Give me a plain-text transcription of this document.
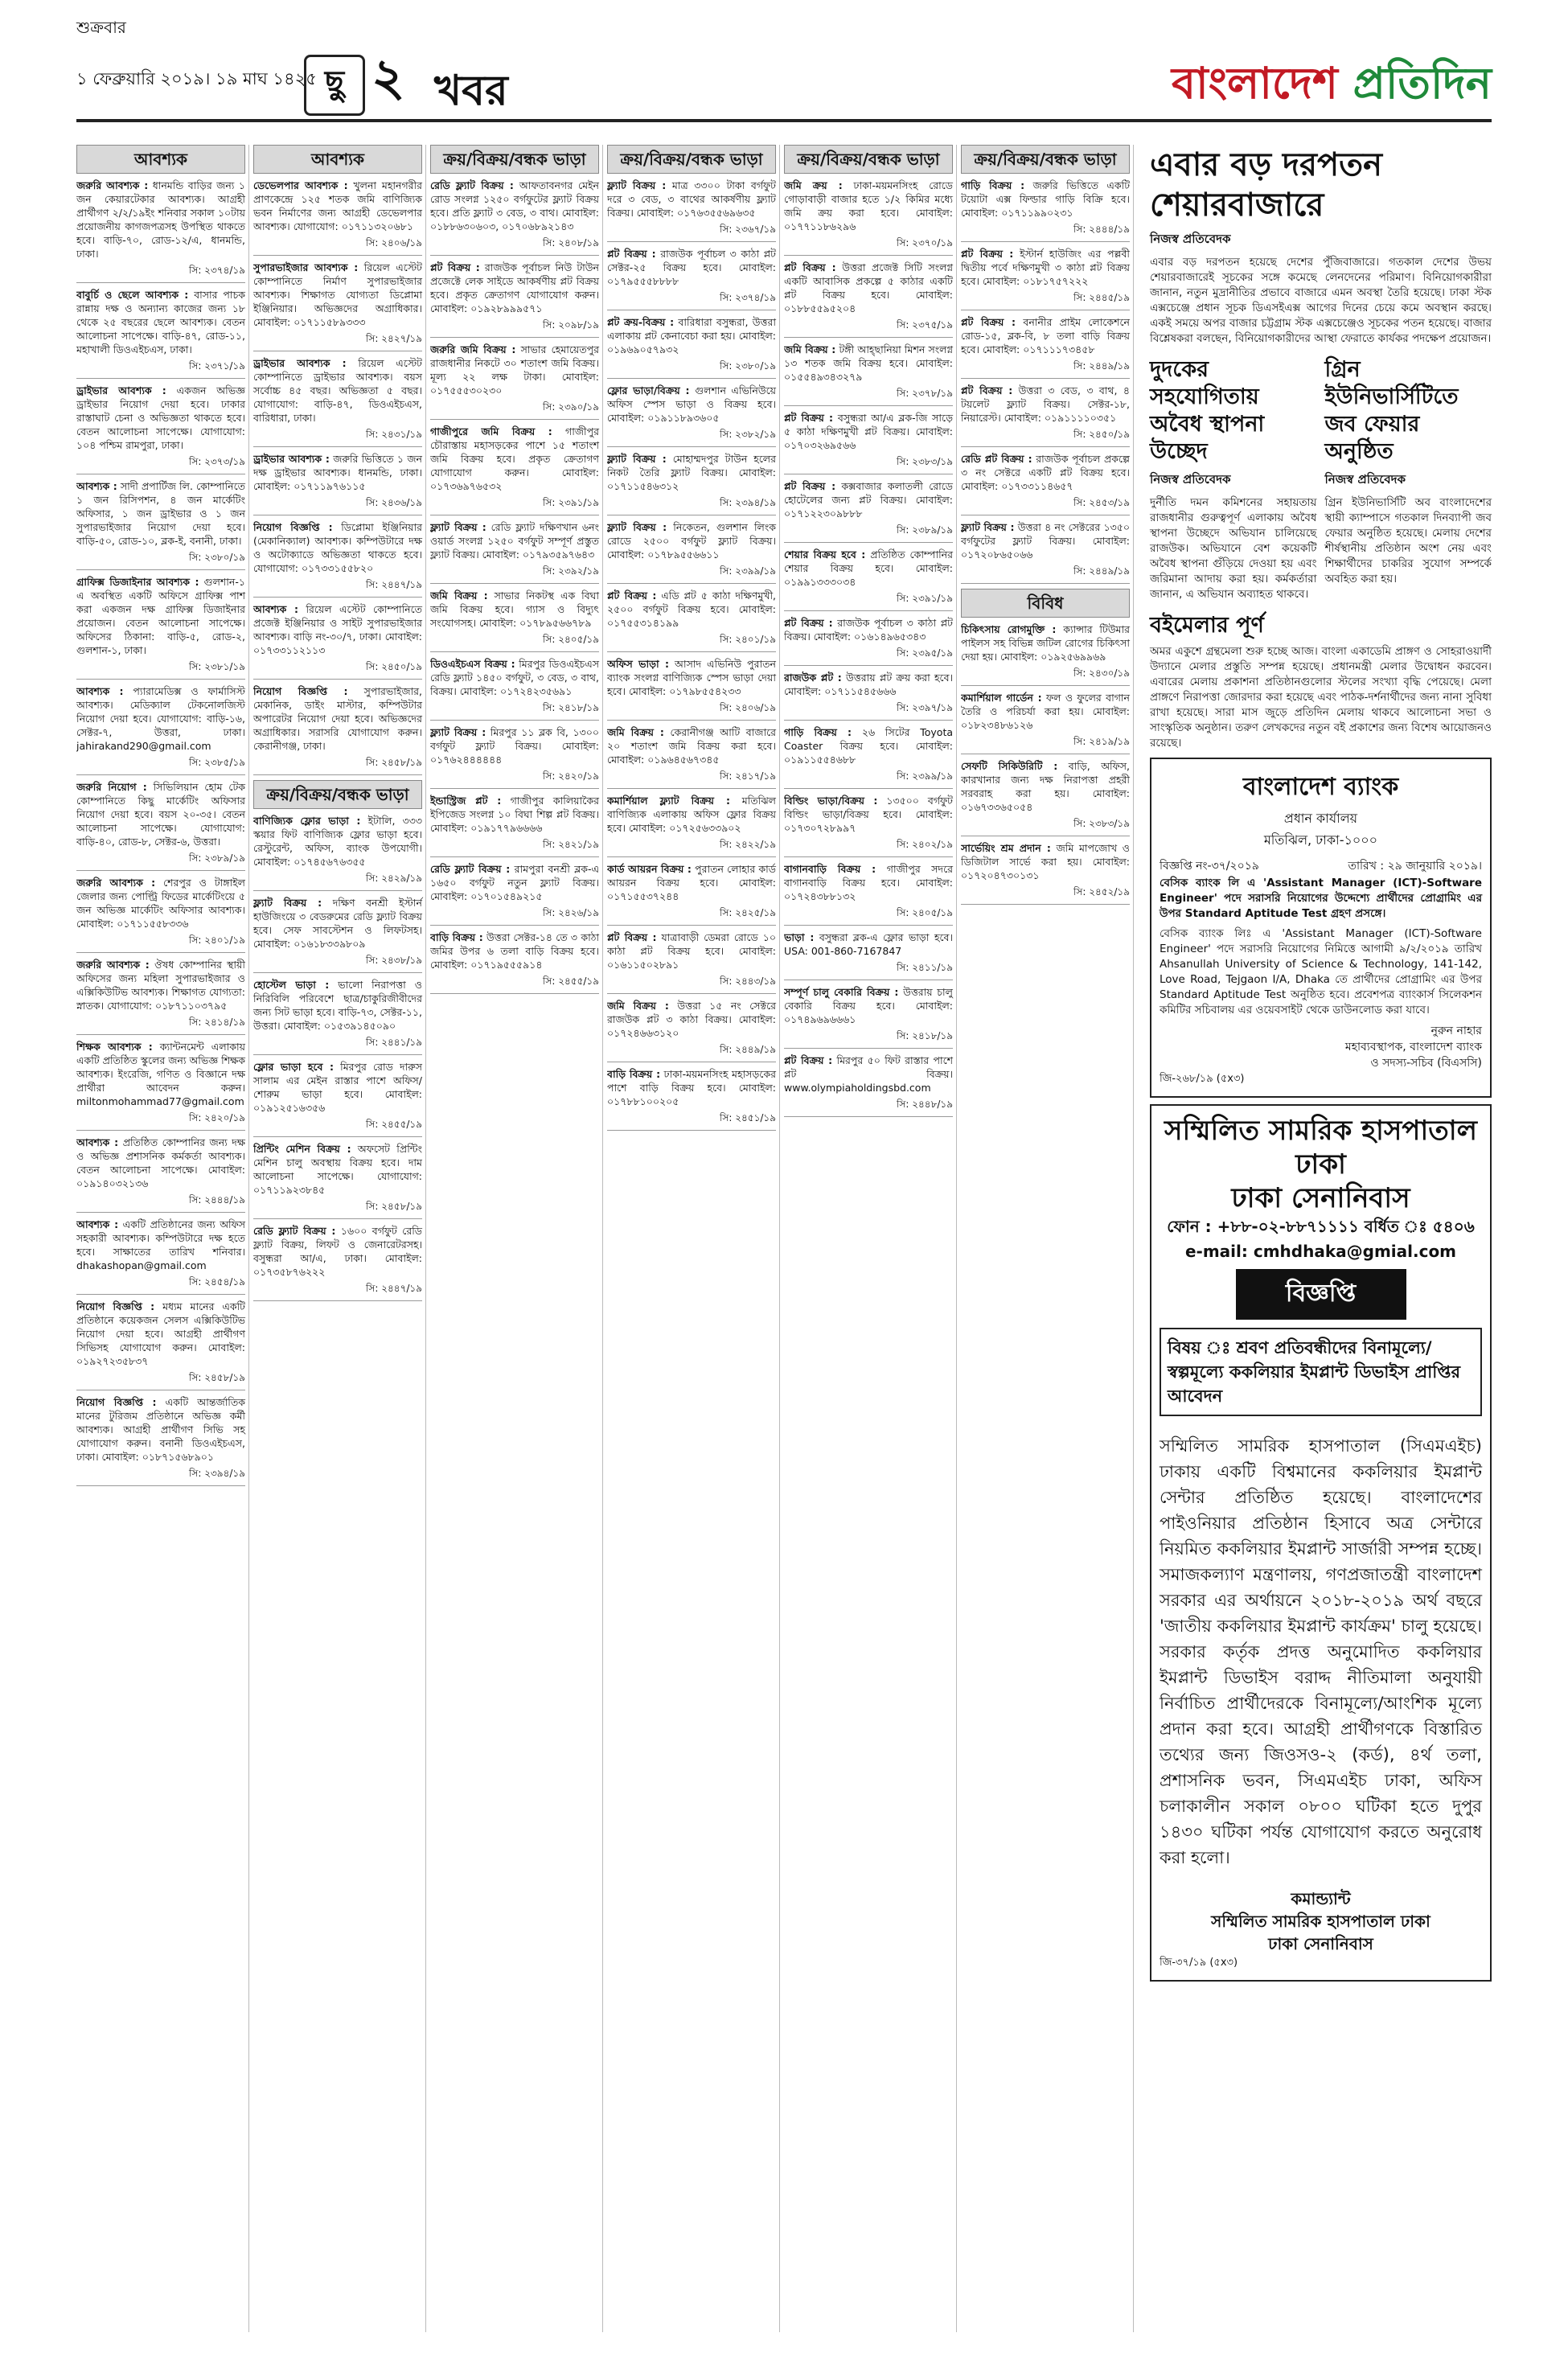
শুক্রবার
১ ফেব্রুয়ারি ২০১৯। ১৯ মাঘ ১৪২৫ ছু ২ খবর	বাংলাদেশ প্রতিদিন
আবশ্যক

জরুরি আবশ্যক : ধানমন্ডি বাড়ির জন্য ১ জন কেয়ারটেকার আবশ্যক। আগ্রহী প্রার্থীগণ ২/২/১৯ইং শনিবার সকাল ১০টায় প্রয়োজনীয় কাগজপত্রসহ উপস্থিত থাকতে হবে। বাড়ি-৭০, রোড-১২/এ, ধানমন্ডি, ঢাকা।

সি: ২৩৭৪/১৯

বাবুর্চি ও ছেলে আবশ্যক : বাসার পাচক রান্নায় দক্ষ ও অন্যান্য কাজের জন্য ১৮ থেকে ২৫ বছরের ছেলে আবশ্যক। বেতন আলোচনা সাপেক্ষে। বাড়ি-৪৭, রোড-১১, মহাখালী ডিওএইচএস, ঢাকা।

সি: ২৩৭১/১৯

ড্রাইভার আবশ্যক : একজন অভিজ্ঞ ড্রাইভার নিয়োগ দেয়া হবে। ঢাকার রাস্তাঘাট চেনা ও অভিজ্ঞতা থাকতে হবে। বেতন আলোচনা সাপেক্ষে। যোগাযোগ: ১০৪ পশ্চিম রামপুরা, ঢাকা।

সি: ২৩৭৩/১৯

আবশ্যক : সাদী প্রপার্টিজ লি. কোম্পানিতে ১ জন রিসিপশন, ৪ জন মার্কেটিং অফিসার, ১ জন ড্রাইভার ও ১ জন সুপারভাইজার নিয়োগ দেয়া হবে। বাড়ি-৫০, রোড-১০, ব্লক-ই, বনানী, ঢাকা।

সি: ২৩৮০/১৯

গ্রাফিক্স ডিজাইনার আবশ্যক : গুলশান-১ এ অবস্থিত একটি অফিসে গ্রাফিক্স পাশ করা একজন দক্ষ গ্রাফিক্স ডিজাইনার প্রয়োজন। বেতন আলোচনা সাপেক্ষে। অফিসের ঠিকানা: বাড়ি-৫, রোড-২, গুলশান-১, ঢাকা।

সি: ২৩৮১/১৯

আবশ্যক : প্যারামেডিক্স ও ফার্মাসিস্ট আবশ্যক। মেডিক্যাল টেকনোলজিস্ট নিয়োগ দেয়া হবে। যোগাযোগ: বাড়ি-১৬, সেক্টর-৭, উত্তরা, ঢাকা। jahirakand290@gmail.com

সি: ২৩৮৫/১৯

জরুরি নিয়োগ : সিভিলিয়ান হোম টেক কোম্পানিতে কিছু মার্কেটিং অফিসার নিয়োগ দেয়া হবে। বয়স ২০-৩৫। বেতন আলোচনা সাপেক্ষে। যোগাযোগ: বাড়ি-৪০, রোড-৮, সেক্টর-৬, উত্তরা।

সি: ২৩৮৯/১৯

জরুরি আবশ্যক : শেরপুর ও টাঙ্গাইল জেলার জন্য পোল্ট্রি ফিডের মার্কেটিংয়ে ৫ জন অভিজ্ঞ মার্কেটিং অফিসার আবশ্যক। মোবাইল: ০১৭১১৫৫৮৩৩৬

সি: ২৪০১/১৯

জরুরি আবশ্যক : ঔষধ কোম্পানির স্থায়ী অফিসের জন্য মহিলা সুপারভাইজার ও এক্সিকিউটিভ আবশ্যক। শিক্ষাগত যোগ্যতা: স্নাতক। যোগাযোগ: ০১৮৭১১০৩৭৯৫

সি: ২৪১৪/১৯

শিক্ষক আবশ্যক : ক্যান্টনমেন্ট এলাকায় একটি প্রতিষ্ঠিত স্কুলের জন্য অভিজ্ঞ শিক্ষক আবশ্যক। ইংরেজি, গণিত ও বিজ্ঞানে দক্ষ প্রার্থীরা আবেদন করুন। miltonmohammad77@gmail.com

সি: ২৪২০/১৯

আবশ্যক : প্রতিষ্ঠিত কোম্পানির জন্য দক্ষ ও অভিজ্ঞ প্রশাসনিক কর্মকর্তা আবশ্যক। বেতন আলোচনা সাপেক্ষে। মোবাইল: ০১৯১৪০৩২১৩৬

সি: ২৪৪৪/১৯

আবশ্যক : একটি প্রতিষ্ঠানের জন্য অফিস সহকারী আবশ্যক। কম্পিউটারে দক্ষ হতে হবে। সাক্ষাতের তারিখ শনিবার। dhakashopan@gmail.com

সি: ২৪৫৪/১৯

নিয়োগ বিজ্ঞপ্তি : মধ্যম মানের একটি প্রতিষ্ঠানে কয়েকজন সেলস এক্সিকিউটিভ নিয়োগ দেয়া হবে। আগ্রহী প্রার্থীগণ সিভিসহ যোগাযোগ করুন। মোবাইল: ০১৯২৭২৩৫৮৩৭

সি: ২৪৫৮/১৯

নিয়োগ বিজ্ঞপ্তি : একটি আন্তর্জাতিক মানের টুরিজম প্রতিষ্ঠানে অভিজ্ঞ কর্মী আবশ্যক। আগ্রহী প্রার্থীগণ সিভি সহ যোগাযোগ করুন। বনানী ডিওএইচএস, ঢাকা। মোবাইল: ০১৮৭১৫৬৮৯০১

সি: ২৩৯৪/১৯
আবশ্যক

ডেভেলপার আবশ্যক : খুলনা মহানগরীর প্রাণকেন্দ্রে ১২৫ শতক জমি বাণিজ্যিক ভবন নির্মাণের জন্য আগ্রহী ডেভেলপার আবশ্যক। যোগাযোগ: ০১৭১১৩২০৬৮১

সি: ২৪০৬/১৯

সুপারভাইজার আবশ্যক : রিয়েল এস্টেট কোম্পানিতে নির্মাণ সুপারভাইজার আবশ্যক। শিক্ষাগত যোগ্যতা ডিপ্লোমা ইঞ্জিনিয়ার। অভিজ্ঞদের অগ্রাধিকার। মোবাইল: ০১৭১১৫৮৯৩৩৩

সি: ২৪২৭/১৯

ড্রাইভার আবশ্যক : রিয়েল এস্টেট কোম্পানিতে ড্রাইভার আবশ্যক। বয়স সর্বোচ্চ ৪৫ বছর। অভিজ্ঞতা ৫ বছর। যোগাযোগ: বাড়ি-৪৭, ডিওএইচএস, বারিধারা, ঢাকা।

সি: ২৪৩১/১৯

ড্রাইভার আবশ্যক : জরুরি ভিত্তিতে ১ জন দক্ষ ড্রাইভার আবশ্যক। ধানমন্ডি, ঢাকা। মোবাইল: ০১৭১১৯৭৬১১৫

সি: ২৪৩৬/১৯

নিয়োগ বিজ্ঞপ্তি : ডিপ্লোমা ইঞ্জিনিয়ার (মেকানিক্যাল) আবশ্যক। কম্পিউটারে দক্ষ ও অটোক্যাডে অভিজ্ঞতা থাকতে হবে। যোগাযোগ: ০১৭৩৩১৫৫৮২০

সি: ২৪৪৭/১৯

আবশ্যক : রিয়েল এস্টেট কোম্পানিতে প্রজেক্ট ইঞ্জিনিয়ার ও সাইট সুপারভাইজার আবশ্যক। বাড়ি নং-৩০/৭, ঢাকা। মোবাইল: ০১৭৩৩১১২১১৩

সি: ২৪৫০/১৯

নিয়োগ বিজ্ঞপ্তি : সুপারভাইজার, মেকানিক, ডাইং মাস্টার, কম্পিউটার অপারেটর নিয়োগ দেয়া হবে। অভিজ্ঞদের অগ্রাধিকার। সরাসরি যোগাযোগ করুন। কেরানীগঞ্জ, ঢাকা।

সি: ২৪৫৮/১৯
ক্রয়/বিক্রয়/বন্ধক ভাড়া

বাণিজ্যিক ফ্লোর ভাড়া : ইটালি, ৩৩৩ স্কয়ার ফিট বাণিজ্যিক ফ্লোর ভাড়া হবে। রেস্টুরেন্ট, অফিস, ব্যাংক উপযোগী। মোবাইল: ০১৭৪৫৬৭৬৩৫৫

সি: ২৪২৯/১৯

ফ্ল্যাট বিক্রয় : দক্ষিণ বনশ্রী ইস্টার্ন হাউজিংয়ে ৩ বেডরুমের রেডি ফ্ল্যাট বিক্রয় হবে। সেফ সাবস্টেশন ও লিফটসহ। মোবাইল: ০১৬১৮৩৩৯৮০৯

সি: ২৪৩৮/১৯

হোস্টেল ভাড়া : ভালো নিরাপত্তা ও নিরিবিলি পরিবেশে ছাত্র/চাকুরিজীবীদের জন্য সিট ভাড়া হবে। বাড়ি-৭৩, সেক্টর-১১, উত্তরা। মোবাইল: ০১৫৩৯১৪৫০৯০

সি: ২৪৪১/১৯

ফ্লোর ভাড়া হবে : মিরপুর রোড দারুস সালাম এর মেইন রাস্তার পাশে অফিস/শোরুম ভাড়া হবে। মোবাইল: ০১৯১২৫১৬৩৫৬

সি: ২৪৫৫/১৯

প্রিন্টিং মেশিন বিক্রয় : অফসেট প্রিন্টিং মেশিন চালু অবস্থায় বিক্রয় হবে। দাম আলোচনা সাপেক্ষে। যোগাযোগ: ০১৭১১৯২৩৮৪৫

সি: ২৪৫৮/১৯

রেডি ফ্ল্যাট বিক্রয় : ১৬০০ বর্গফুট রেডি ফ্ল্যাট বিক্রয়, লিফট ও জেনারেটরসহ। বসুন্ধরা আ/এ, ঢাকা। মোবাইল: ০১৭৩৫৮৭৬২২২

সি: ২৪৪৭/১৯
ক্রয়/বিক্রয়/বন্ধক ভাড়া

রেডি ফ্ল্যাট বিক্রয় : আফতাবনগর মেইন রোড সংলগ্ন ১২৫০ বর্গফুটের ফ্ল্যাট বিক্রয় হবে। প্রতি ফ্ল্যাট ৩ বেড, ৩ বাথ। মোবাইল: ০১৮৮৬৩০৬০৩, ০১৭০৬৮৯২১৪৩

সি: ২৪০৮/১৯

প্লট বিক্রয় : রাজউক পূর্বাচল নিউ টাউন প্রজেক্টে লেক সাইডে আকর্ষণীয় প্লট বিক্রয় হবে। প্রকৃত ক্রেতাগণ যোগাযোগ করুন। মোবাইল: ০১৯২৮৯৯৯৫৭১

সি: ২০৯৮/১৯

জরুরি জমি বিক্রয় : সাভার হেমায়েতপুর রাজধানীর নিকটে ৩০ শতাংশ জমি বিক্রয়। মূল্য ২২ লক্ষ টাকা। মোবাইল: ০১৭৫৫৫৩০২৩০

সি: ২৩৯০/১৯

গাজীপুরে জমি বিক্রয় : গাজীপুর চৌরাস্তায় মহাসড়কের পাশে ১৫ শতাংশ জমি বিক্রয় হবে। প্রকৃত ক্রেতাগণ যোগাযোগ করুন। মোবাইল: ০১৭৩৬৯৭৬৫৩২

সি: ২৩৯১/১৯

ফ্ল্যাট বিক্রয় : রেডি ফ্ল্যাট দক্ষিণখান ৬নং ওয়ার্ড সংলগ্ন ১২৫০ বর্গফুট সম্পূর্ণ প্রস্তুত ফ্ল্যাট বিক্রয়। মোবাইল: ০১৭৯৩৫৯৭৬৪৩

সি: ২৩৯২/১৯

জমি বিক্রয় : সাভার নিকটস্থ এক বিঘা জমি বিক্রয় হবে। গ্যাস ও বিদ্যুৎ সংযোগসহ। মোবাইল: ০১৭৮৯৫৬৬৭৮৯

সি: ২৪০৫/১৯

ডিওএইচএস বিক্রয় : মিরপুর ডিওএইচএস রেডি ফ্ল্যাট ১৪৫০ বর্গফুট, ৩ বেড, ৩ বাথ, বিক্রয়। মোবাইল: ০১৭২৪২৩৫৬৯১

সি: ২৪১৮/১৯

ফ্ল্যাট বিক্রয় : মিরপুর ১১ ব্লক বি, ১৩০০ বর্গফুট ফ্ল্যাট বিক্রয়। মোবাইল: ০১৭৬২৪৪৪৪৪৪

সি: ২৪২০/১৯

ইন্ডাস্ট্রিজ প্লট : গাজীপুর কালিয়াকৈর ইপিজেড সংলগ্ন ১০ বিঘা শিল্প প্লট বিক্রয়। মোবাইল: ০১৯১৭৭৯৬৬৬৬

সি: ২৪২১/১৯

রেডি ফ্ল্যাট বিক্রয় : রামপুরা বনশ্রী ব্লক-এ ১৬৫০ বর্গফুট নতুন ফ্ল্যাট বিক্রয়। মোবাইল: ০১৭০১৫৪৯২১৫

সি: ২৪২৬/১৯

বাড়ি বিক্রয় : উত্তরা সেক্টর-১৪ তে ৩ কাঠা জমির উপর ৬ তলা বাড়ি বিক্রয় হবে। মোবাইল: ০১৭১৯৫৫৫৯১৪

সি: ২৪৫৫/১৯
ক্রয়/বিক্রয়/বন্ধক ভাড়া

ফ্ল্যাট বিক্রয় : মাত্র ৩৩০০ টাকা বর্গফুট দরে ৩ বেড, ৩ বাথের আকর্ষণীয় ফ্ল্যাট বিক্রয়। মোবাইল: ০১৭৬৩৫৫৬৯৬৩৫

সি: ২৩৬৭/১৯

প্লট বিক্রয় : রাজউক পূর্বাচল ৩ কাঠা প্লট সেক্টর-২৫ বিক্রয় হবে। মোবাইল: ০১৭৯৫৫৫৮৮৮৮

সি: ২৩৭৪/১৯

প্লট ক্রয়-বিক্রয় : বারিধারা বসুন্ধরা, উত্তরা এলাকায় প্লট কেনাবেচা করা হয়। মোবাইল: ০১৯৬৯০৫৭৯৩২

সি: ২৩৮০/১৯

ফ্লোর ভাড়া/বিক্রয় : গুলশান এভিনিউয়ে অফিস স্পেস ভাড়া ও বিক্রয় হবে। মোবাইল: ০১৯১১৮৯৩৬০৫

সি: ২৩৮২/১৯

ফ্ল্যাট বিক্রয় : মোহাম্মদপুর টাউন হলের নিকট তৈরি ফ্ল্যাট বিক্রয়। মোবাইল: ০১৭১১৫৪৬৩১২

সি: ২৩৯৪/১৯

ফ্ল্যাট বিক্রয় : নিকেতন, গুলশান লিংক রোডে ২৫০০ বর্গফুট ফ্ল্যাট বিক্রয়। মোবাইল: ০১৭৮৯৫৫৬৬১১

সি: ২৩৯৯/১৯

প্লট বিক্রয় : এডি প্লট ৫ কাঠা দক্ষিণমুখী, ২৫০০ বর্গফুট বিক্রয় হবে। মোবাইল: ০১৭৫৫৩১৪১৯৯

সি: ২৪০১/১৯

অফিস ভাড়া : আসাদ এভিনিউ পুরাতন ব্যাংক সংলগ্ন বাণিজ্যিক স্পেস ভাড়া দেয়া হবে। মোবাইল: ০১৭৯৮৫৫৪২৩৩

সি: ২৪০৬/১৯

জমি বিক্রয় : কেরানীগঞ্জ আটি বাজারে ২০ শতাংশ জমি বিক্রয় করা হবে। মোবাইল: ০১৯৬৪৫৬৭৩৪৫

সি: ২৪১৭/১৯

কমার্শিয়াল ফ্ল্যাট বিক্রয় : মতিঝিল বাণিজ্যিক এলাকায় অফিস ফ্লোর বিক্রয় হবে। মোবাইল: ০১৭২৫৬৩৩৯০২

সি: ২৪২২/১৯

কার্ড আয়রন বিক্রয় : পুরাতন লোহার কার্ড আয়রন বিক্রয় হবে। মোবাইল: ০১৭১৫৫৩৭২৪৪

সি: ২৪২৫/১৯

প্লট বিক্রয় : যাত্রাবাড়ী ডেমরা রোডে ১০ কাঠা প্লট বিক্রয় হবে। মোবাইল: ০১৬১১৫০২৮৯১

সি: ২৪৪৩/১৯

জমি বিক্রয় : উত্তরা ১৫ নং সেক্টরে রাজউক প্লট ৩ কাঠা বিক্রয়। মোবাইল: ০১৭২৪৬৬৩১২০

সি: ২৪৪৯/১৯

বাড়ি বিক্রয় : ঢাকা-ময়মনসিংহ মহাসড়কের পাশে বাড়ি বিক্রয় হবে। মোবাইল: ০১৭৮৮১০০২০৫

সি: ২৪৫১/১৯
ক্রয়/বিক্রয়/বন্ধক ভাড়া

জমি ক্রয় : ঢাকা-ময়মনসিংহ রোডে গোড়াবাড়ী বাজার হতে ১/২ কিমির মধ্যে জমি ক্রয় করা হবে। মোবাইল: ০১৭৭১১৮৬২৯৬

সি: ২৩৭০/১৯

প্লট বিক্রয় : উত্তরা প্রজেক্ট সিটি সংলগ্ন একটি আবাসিক প্রকল্পে ৫ কাঠার একটি প্লট বিক্রয় হবে। মোবাইল: ০১৮৮৫৫৯৫২০৪

সি: ২৩৭৫/১৯

জমি বিক্রয় : টঙ্গী আহ্ছানিয়া মিশন সংলগ্ন ১৩ শতক জমি বিক্রয় হবে। মোবাইল: ০১৫৫৪৯৩৪৩২৭৯

সি: ২৩৭৮/১৯

প্লট বিক্রয় : বসুন্ধরা আ/এ ব্লক-জি সাড়ে ৫ কাঠা দক্ষিণমুখী প্লট বিক্রয়। মোবাইল: ০১৭০৩২৬৯৫৬৬

সি: ২৩৮৩/১৯

প্লট বিক্রয় : কক্সবাজার কলাতলী রোডে হোটেলের জন্য প্লট বিক্রয়। মোবাইল: ০১৭১২২৩০৯৮৮৮

সি: ২৩৮৯/১৯

শেয়ার বিক্রয় হবে : প্রতিষ্ঠিত কোম্পানির শেয়ার বিক্রয় হবে। মোবাইল: ০১৯৯১৩৩৩০৩৪

সি: ২৩৯১/১৯

প্লট বিক্রয় : রাজউক পূর্বাচল ৩ কাঠা প্লট বিক্রয়। মোবাইল: ০১৬১৪৯৬৫৩৪৩

সি: ২৩৯৫/১৯

রাজউক প্লট : উত্তরায় প্লট ক্রয় করা হবে। মোবাইল: ০১৭১১৫৪৫৬৬৬

সি: ২৩৯৭/১৯

গাড়ি বিক্রয় : ২৬ সিটের Toyota Coaster বিক্রয় হবে। মোবাইল: ০১৯১১৫৫৪৬৮৮

সি: ২৩৯৯/১৯

বিল্ডিং ভাড়া/বিক্রয় : ১৩৫০০ বর্গফুট বিল্ডিং ভাড়া/বিক্রয় হবে। মোবাইল: ০১৭৩০৭২৮৯৯৭

সি: ২৪০২/১৯

বাগানবাড়ি বিক্রয় : গাজীপুর সদরে বাগানবাড়ি বিক্রয় হবে। মোবাইল: ০১৭২৪৩৮৮১৩২

সি: ২৪০৫/১৯

ভাড়া : বসুন্ধরা ব্লক-এ ফ্লোর ভাড়া হবে। USA: 001-860-7167847

সি: ২৪১১/১৯

সম্পূর্ণ চালু বেকারি বিক্রয় : উত্তরায় চালু বেকারি বিক্রয় হবে। মোবাইল: ০১৭৪৯৬৯৬৬৬১

সি: ২৪১৮/১৯

প্লট বিক্রয় : মিরপুর ৫০ ফিট রাস্তার পাশে প্লট বিক্রয়। www.olympiaholdingsbd.com

সি: ২৪৪৮/১৯
ক্রয়/বিক্রয়/বন্ধক ভাড়া

গাড়ি বিক্রয় : জরুরি ভিত্তিতে একটি টয়োটা এক্স ফিল্ডার গাড়ি বিক্রি হবে। মোবাইল: ০১৭১১৯৯০২৩১

সি: ২৪৪৪/১৯

প্লট বিক্রয় : ইস্টার্ন হাউজিং এর পল্লবী দ্বিতীয় পর্বে দক্ষিণমুখী ৩ কাঠা প্লট বিক্রয় হবে। মোবাইল: ০১৮১৭৫৭২২২

সি: ২৪৪৫/১৯

প্লট বিক্রয় : বনানীর প্রাইম লোকেশনে রোড-১৫, ব্লক-বি, ৮ তলা বাড়ি বিক্রয় হবে। মোবাইল: ০১৭১১১৭৩৪৫৮

সি: ২৪৪৯/১৯

প্লট বিক্রয় : উত্তরা ৩ বেড, ৩ বাথ, ৪ টয়লেট ফ্ল্যাট বিক্রয়। সেক্টর-১৮, নিয়ারেস্ট। মোবাইল: ০১৯১১১১০৩৫১

সি: ২৪৫০/১৯

রেডি প্লট বিক্রয় : রাজউক পূর্বাচল প্রকল্পে ৩ নং সেক্টরে একটি প্লট বিক্রয় হবে। মোবাইল: ০১৭৩৩১১৪৬৫৭

সি: ২৪৫৩/১৯

ফ্ল্যাট বিক্রয় : উত্তরা ৪ নং সেক্টরের ১৩৫০ বর্গফুটের ফ্ল্যাট বিক্রয়। মোবাইল: ০১৭২০৮৬৫০৬৬

সি: ২৪৪৯/১৯
বিবিধ

চিকিৎসায় রোগমুক্তি : ক্যান্সার টিউমার পাইলস সহ বিভিন্ন জটিল রোগের চিকিৎসা দেয়া হয়। মোবাইল: ০১৯২৫৬৯৯৬৯

সি: ২৪৩০/১৯

কমার্শিয়াল গার্ডেন : ফল ও ফুলের বাগান তৈরি ও পরিচর্যা করা হয়। মোবাইল: ০১৮২৩৪৮৬১২৬

সি: ২৪১৯/১৯

সেফটি সিকিউরিটি : বাড়ি, অফিস, কারখানার জন্য দক্ষ নিরাপত্তা প্রহরী সরবরাহ করা হয়। মোবাইল: ০১৬৭৩৩৬৫০৫৪

সি: ২৩৮৩/১৯

সার্ভেয়িং শ্রম প্রদান : জমি মাপজোখ ও ডিজিটাল সার্ভে করা হয়। মোবাইল: ০১৭২০৪৭৩০১৩১

সি: ২৪৫২/১৯
এবার বড় দরপতন শেয়ারবাজারে
নিজস্ব প্রতিবেদক

এবার বড় দরপতন হয়েছে দেশের পুঁজিবাজারে। গতকাল দেশের উভয় শেয়ারবাজারেই সূচকের সঙ্গে কমেছে লেনদেনের পরিমাণ। বিনিয়োগকারীরা জানান, নতুন মুদ্রানীতির প্রভাবে বাজারে এমন অবস্থা তৈরি হয়েছে। ঢাকা স্টক এক্সচেঞ্জে প্রধান সূচক ডিএসইএক্স আগের দিনের চেয়ে কমে অবস্থান করছে। একই সময়ে অপর বাজার চট্টগ্রাম স্টক এক্সচেঞ্জেও সূচকের পতন হয়েছে। বাজার বিশ্লেষকরা বলছেন, বিনিয়োগকারীদের আস্থা ফেরাতে কার্যকর পদক্ষেপ প্রয়োজন।

দুদকের সহযোগিতায় অবৈধ স্থাপনা উচ্ছেদ
নিজস্ব প্রতিবেদক

দুর্নীতি দমন কমিশনের সহায়তায় রাজধানীর গুরুত্বপূর্ণ এলাকায় অবৈধ স্থাপনা উচ্ছেদে অভিযান চালিয়েছে রাজউক। অভিযানে বেশ কয়েকটি অবৈধ স্থাপনা গুঁড়িয়ে দেওয়া হয় এবং জরিমানা আদায় করা হয়। কর্মকর্তারা জানান, এ অভিযান অব্যাহত থাকবে।

গ্রিন ইউনিভার্সিটিতে জব ফেয়ার অনুষ্ঠিত
নিজস্ব প্রতিবেদক

গ্রিন ইউনিভার্সিটি অব বাংলাদেশের স্থায়ী ক্যাম্পাসে গতকাল দিনব্যাপী জব ফেয়ার অনুষ্ঠিত হয়েছে। মেলায় দেশের শীর্ষস্থানীয় প্রতিষ্ঠান অংশ নেয় এবং শিক্ষার্থীদের চাকরির সুযোগ সম্পর্কে অবহিত করা হয়।

বইমেলার পূর্ণ

অমর একুশে গ্রন্থমেলা শুরু হচ্ছে আজ। বাংলা একাডেমি প্রাঙ্গণ ও সোহরাওয়ার্দী উদ্যানে মেলার প্রস্তুতি সম্পন্ন হয়েছে। প্রধানমন্ত্রী মেলার উদ্বোধন করবেন। এবারের মেলায় প্রকাশনা প্রতিষ্ঠানগুলোর স্টলের সংখ্যা বৃদ্ধি পেয়েছে। মেলা প্রাঙ্গণে নিরাপত্তা জোরদার করা হয়েছে এবং পাঠক-দর্শনার্থীদের জন্য নানা সুবিধা রাখা হয়েছে। সারা মাস জুড়ে প্রতিদিন মেলায় থাকবে আলোচনা সভা ও সাংস্কৃতিক অনুষ্ঠান। তরুণ লেখকদের নতুন বই প্রকাশের জন্য বিশেষ আয়োজনও রয়েছে।

বাংলাদেশ ব্যাংক
প্রধান কার্যালয়
মতিঝিল, ঢাকা-১০০০
বিজ্ঞপ্তি নং-৩৭/২০১৯	তারিখ : ২৯ জানুয়ারি ২০১৯।

বেসিক ব্যাংক লি এ 'Assistant Manager (ICT)-Software Engineer' পদে সরাসরি নিয়োগের উদ্দেশ্যে প্রার্থীদের প্রোগ্রামিং এর উপর Standard Aptitude Test গ্রহণ প্রসঙ্গে।

বেসিক ব্যাংক লিঃ এ 'Assistant Manager (ICT)-Software Engineer' পদে সরাসরি নিয়োগের নিমিত্তে আগামী ৯/২/২০১৯ তারিখ Ahsanullah University of Science & Technology, 141-142, Love Road, Tejgaon I/A, Dhaka তে প্রার্থীদের প্রোগ্রামিং এর উপর Standard Aptitude Test অনুষ্ঠিত হবে। প্রবেশপত্র ব্যাংকার্স সিলেকশন কমিটির সচিবালয় এর ওয়েবসাইট থেকে ডাউনলোড করা যাবে।

নুরুন নাহার
মহাব্যবস্থাপক, বাংলাদেশ ব্যাংক
ও সদস্য-সচিব (বিএসসি)
জি-২৬৮/১৯ (৫x৩)
সম্মিলিত সামরিক হাসপাতাল ঢাকা
ঢাকা সেনানিবাস
ফোন : +৮৮-০২-৮৮৭১১১১ বর্ধিত ঃ ৫৪০৬
e-mail: cmhdhaka@gmial.com
বিজ্ঞপ্তি
বিষয় ঃ শ্রবণ প্রতিবন্ধীদের বিনামূল্যে/স্বল্পমূল্যে ককলিয়ার ইমপ্লান্ট ডিভাইস প্রাপ্তির আবেদন

সম্মিলিত সামরিক হাসপাতাল (সিএমএইচ) ঢাকায় একটি বিশ্বমানের ককলিয়ার ইমপ্লান্ট সেন্টার প্রতিষ্ঠিত হয়েছে। বাংলাদেশের পাইওনিয়ার প্রতিষ্ঠান হিসাবে অত্র সেন্টারে নিয়মিত ককলিয়ার ইমপ্লান্ট সার্জারী সম্পন্ন হচ্ছে। সমাজকল্যাণ মন্ত্রণালয়, গণপ্রজাতন্ত্রী বাংলাদেশ সরকার এর অর্থায়নে ২০১৮-২০১৯ অর্থ বছরে 'জাতীয় ককলিয়ার ইমপ্লান্ট কার্যক্রম' চালু হয়েছে। সরকার কর্তৃক প্রদত্ত অনুমোদিত ককলিয়ার ইমপ্লান্ট ডিভাইস বরাদ্দ নীতিমালা অনুযায়ী নির্বাচিত প্রার্থীদেরকে বিনামূল্যে/আংশিক মূল্যে প্রদান করা হবে। আগ্রহী প্রার্থীগণকে বিস্তারিত তথ্যের জন্য জিওসও-২ (কর্ড), ৪র্থ তলা, প্রশাসনিক ভবন, সিএমএইচ ঢাকা, অফিস চলাকালীন সকাল ০৮০০ ঘটিকা হতে দুপুর ১৪৩০ ঘটিকা পর্যন্ত যোগাযোগ করতে অনুরোধ করা হলো।

কমান্ড্যান্ট
সম্মিলিত সামরিক হাসপাতাল ঢাকা
ঢাকা সেনানিবাস
জি-৩৭/১৯ (৫x৩)
